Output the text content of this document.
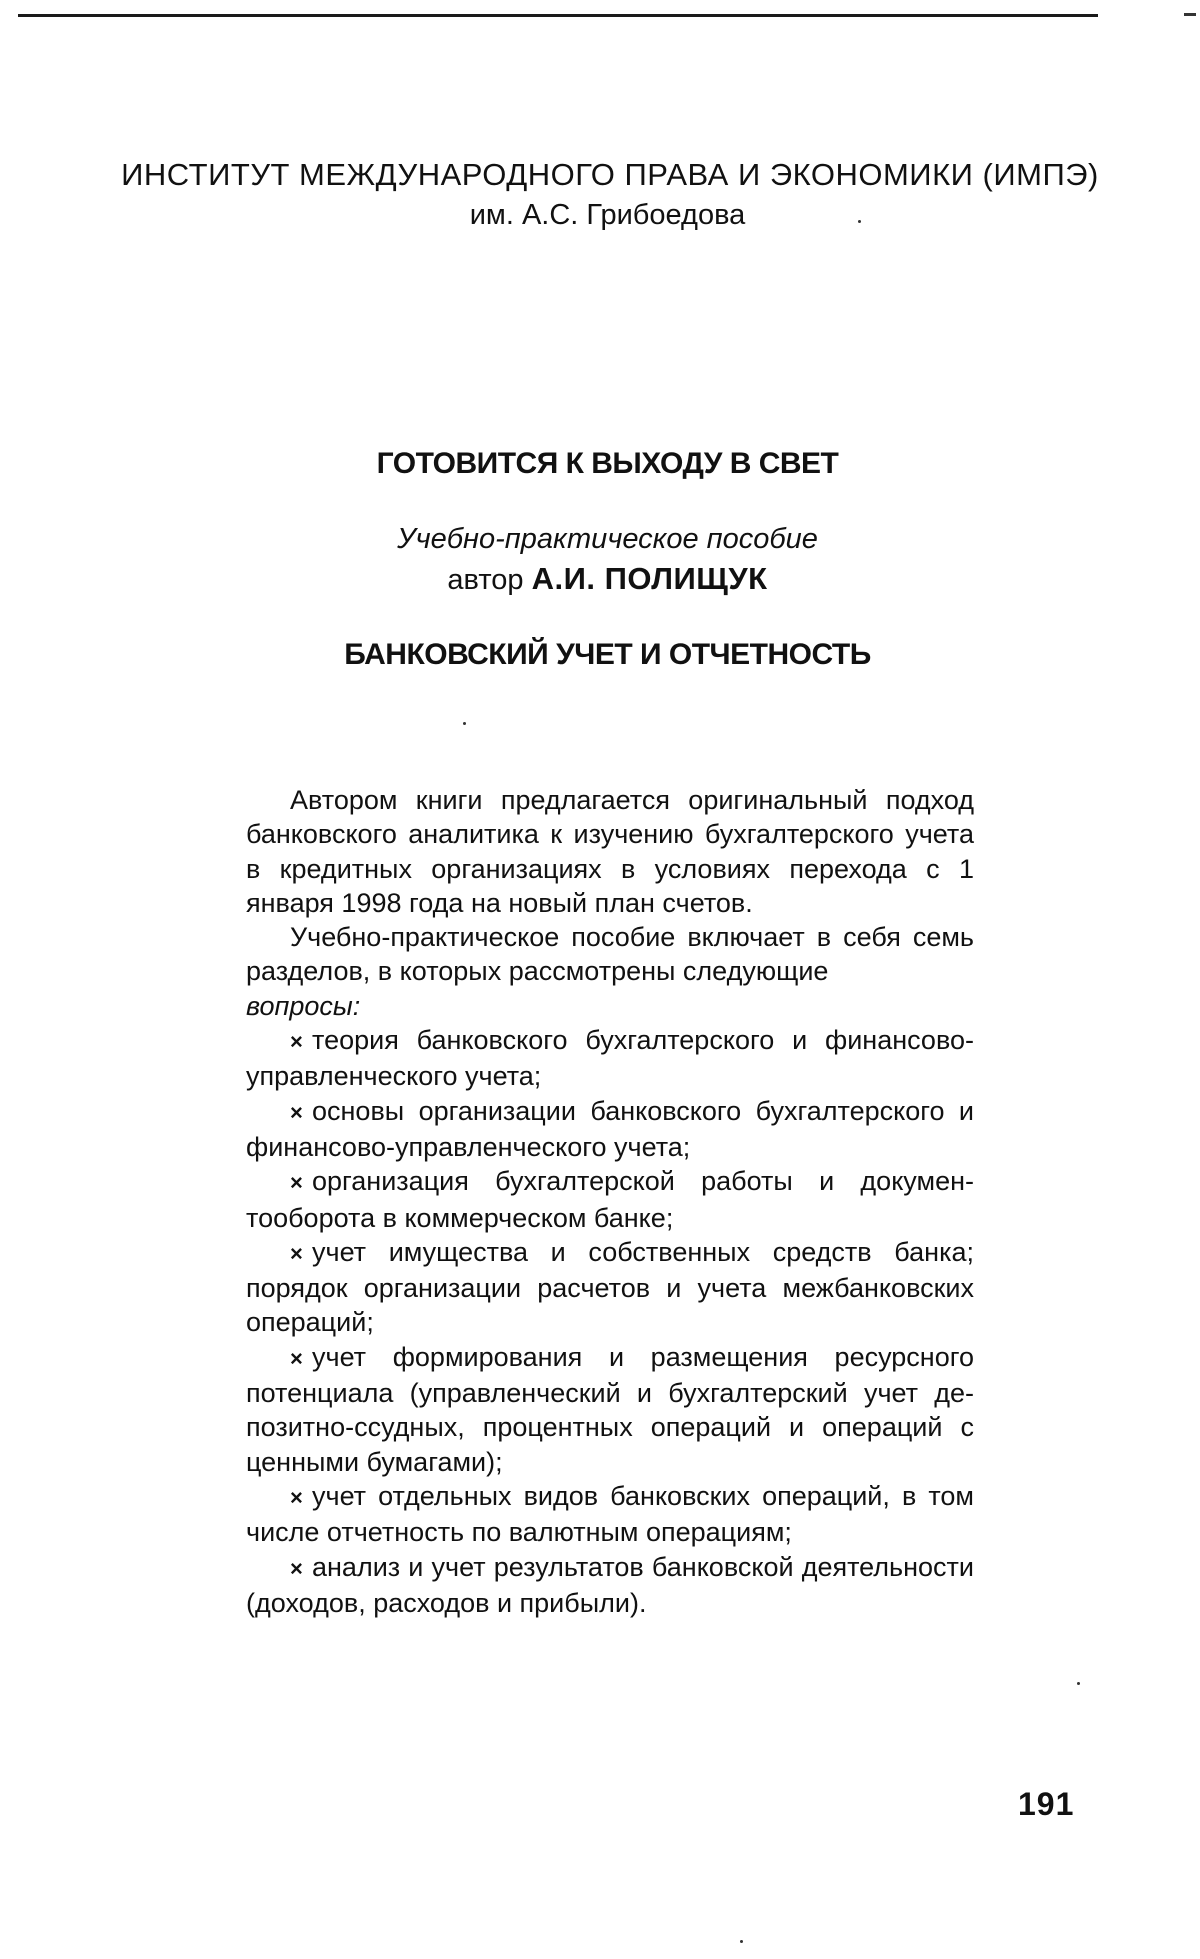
ИНСТИТУТ МЕЖДУНАРОДНОГО ПРАВА И ЭКОНОМИКИ (ИМПЭ)
им. А.С. Грибоедова
ГОТОВИТСЯ К ВЫХОДУ В СВЕТ
Учебно-практическое пособие
автор А.И. ПОЛИЩУК
БАНКОВСКИЙ УЧЕТ И ОТЧЕТНОСТЬ

Автором книги предлагается оригинальный подход банковского аналитика к изучению бухгалтерского учета в кредитных организациях в условиях перехода с 1 января 1998 года на новый план счетов.

Учебно-практическое пособие включает в себя семь разделов, в которых рассмотрены следующие
вопросы:

× теория банковского бухгалтерского и финансово-управленческого учета;
× основы организации банковского бухгалтерского и финансово-управленческого учета;
× организация бухгалтерской работы и документооборота в коммерческом банке;
× учет имущества и собственных средств банка; порядок организации расчетов и учета межбанковских операций;
× учет формирования и размещения ресурсного потенциала (управленческий и бухгалтерский учет депозитно-ссудных, процентных операций и операций с ценными бумагами);
× учет отдельных видов банковских операций, в том числе отчетность по валютным операциям;
× анализ и учет результатов банковской деятельности (доходов, расходов и прибыли).
191
